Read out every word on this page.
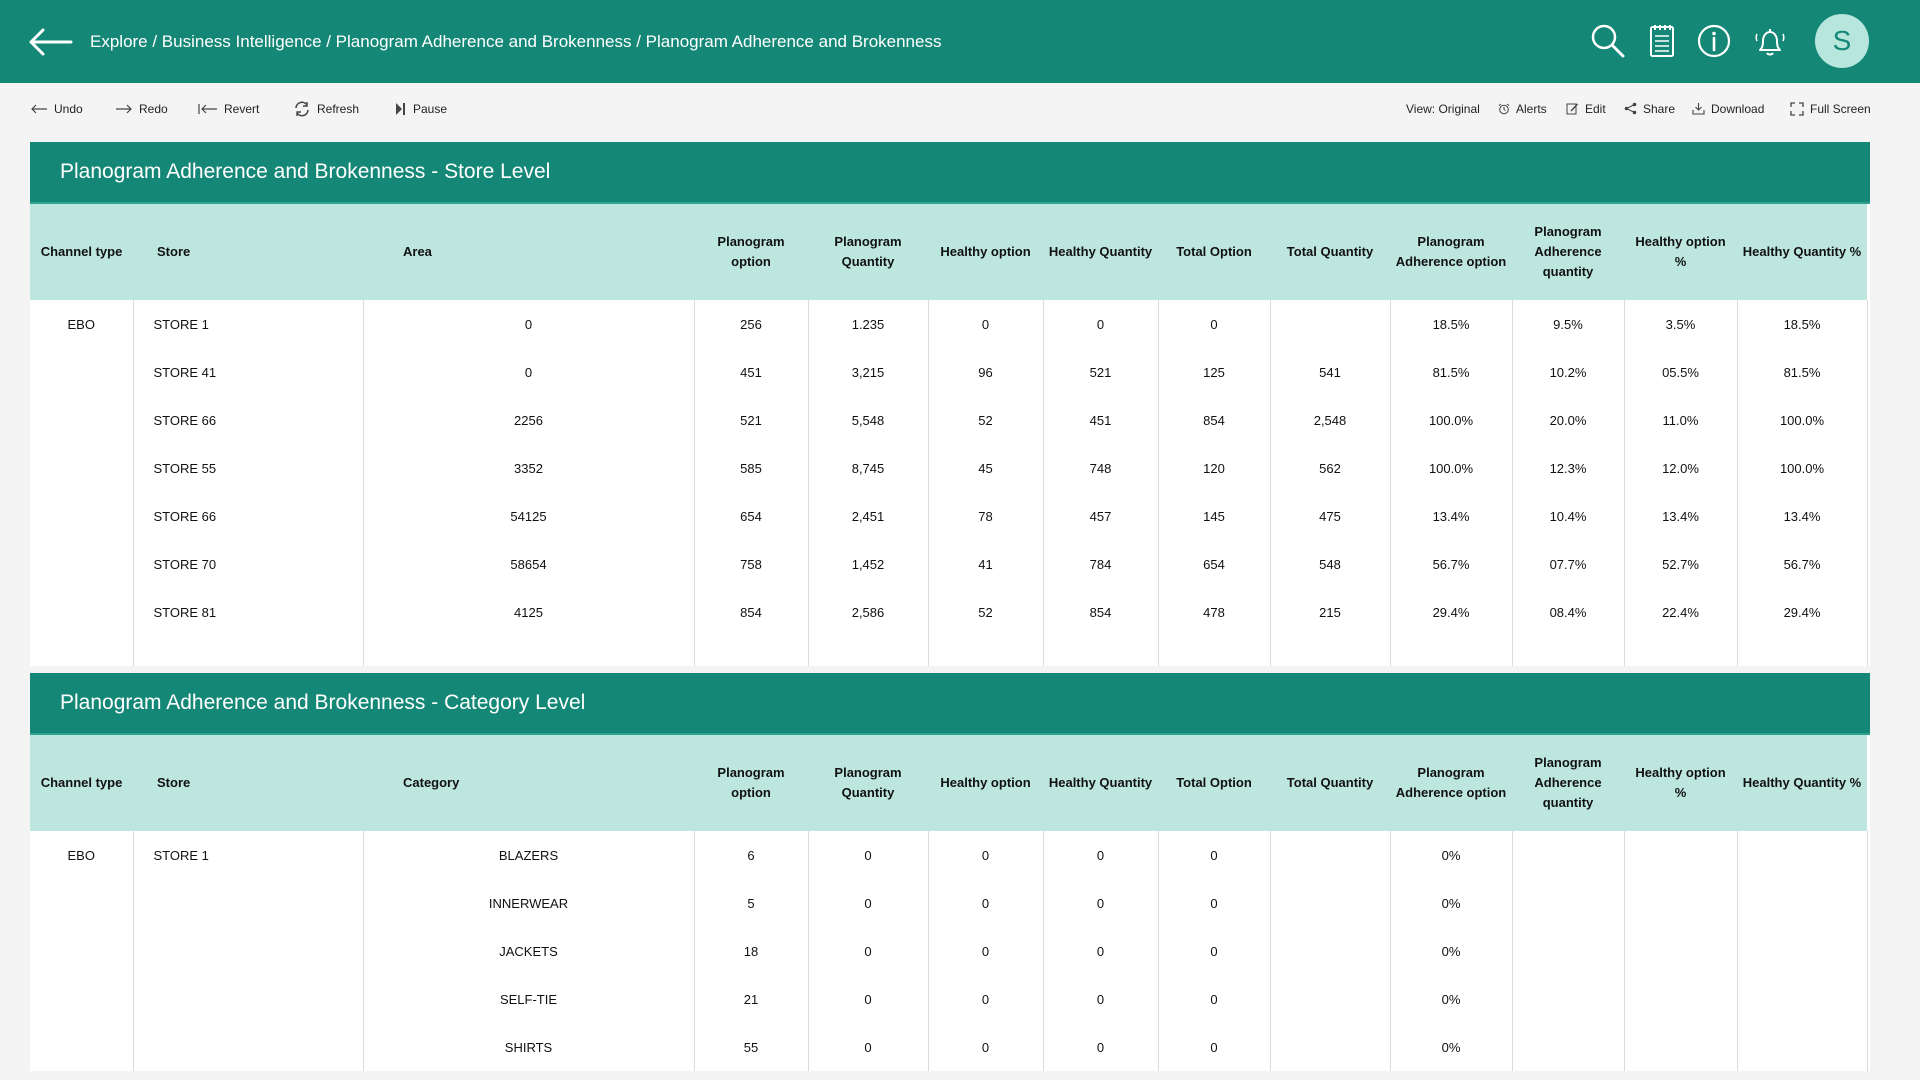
Explore / Business Intelligence / Planogram Adherence and Brokenness / Planogram Adherence and Brokenness	S
Undo	Redo	Revert	Refresh	Pause	View: Original	Alerts	Edit	Share	Download	Full Screen
Planogram Adherence and Brokenness - Store Level
Channel type	Store	Area	Planogram option	Planogram Quantity	Healthy option	Healthy Quantity	Total Option	Total Quantity	Planogram Adherence option	Planogram Adherence quantity	Healthy option %	Healthy Quantity %
EBO	STORE 1	0	256	1.235	0	0	0		18.5%	9.5%	3.5%	18.5%
	STORE 41	0	451	3,215	96	521	125	541	81.5%	10.2%	05.5%	81.5%
	STORE 66	2256	521	5,548	52	451	854	2,548	100.0%	20.0%	11.0%	100.0%
	STORE 55	3352	585	8,745	45	748	120	562	100.0%	12.3%	12.0%	100.0%
	STORE 66	54125	654	2,451	78	457	145	475	13.4%	10.4%	13.4%	13.4%
	STORE 70	58654	758	1,452	41	784	654	548	56.7%	07.7%	52.7%	56.7%
	STORE 81	4125	854	2,586	52	854	478	215	29.4%	08.4%	22.4%	29.4%

Planogram Adherence and Brokenness - Category Level
Channel type	Store	Category	Planogram option	Planogram Quantity	Healthy option	Healthy Quantity	Total Option	Total Quantity	Planogram Adherence option	Planogram Adherence quantity	Healthy option %	Healthy Quantity %
EBO	STORE 1	BLAZERS	6	0	0	0	0		0%			
		INNERWEAR	5	0	0	0	0		0%			
		JACKETS	18	0	0	0	0		0%			
		SELF-TIE	21	0	0	0	0		0%			
		SHIRTS	55	0	0	0	0		0%			
